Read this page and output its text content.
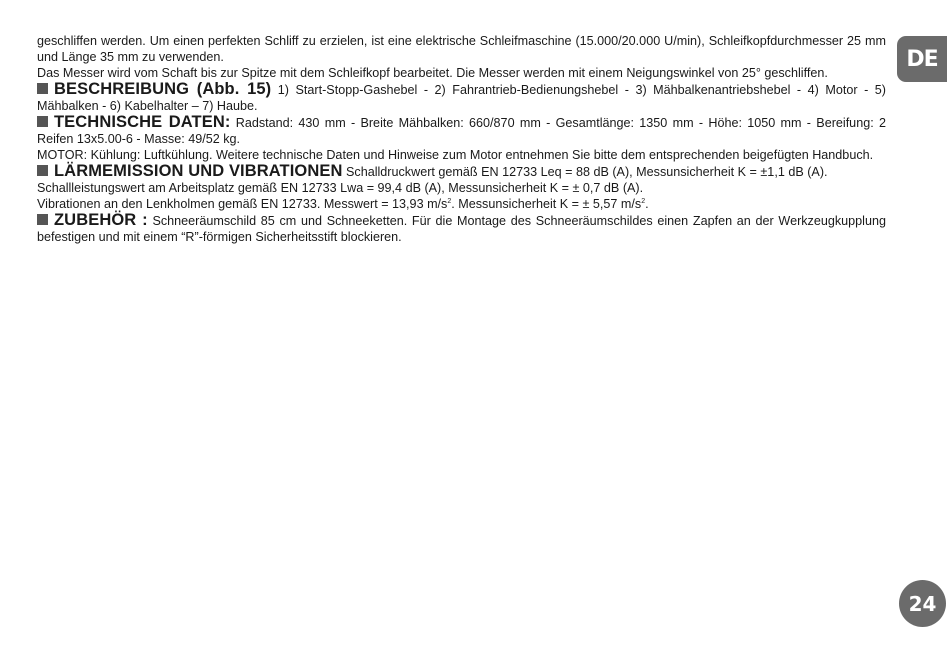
DE

geschliffen werden. Um einen perfekten Schliff zu erzielen, ist eine elektrische Schleifmaschine (15.000/20.000 U/min), Schleifkopfdurchmesser 25 mm und Länge 35 mm zu verwenden.

Das Messer wird vom Schaft bis zur Spitze mit dem Schleifkopf bearbeitet. Die Messer werden mit einem Neigungswinkel von 25° geschliffen.

BESCHREIBUNG (Abb. 15) 1) Start-Stopp-Gashebel - 2) Fahrantrieb-Bedienungshebel - 3) Mähbalkenantriebshebel - 4) Motor - 5) Mähbalken - 6) Kabelhalter – 7) Haube.

TECHNISCHE DATEN: Radstand: 430 mm - Breite Mähbalken: 660/870 mm - Gesamtlänge: 1350 mm - Höhe: 1050 mm - Bereifung: 2 Reifen 13x5.00-6 - Masse: 49/52 kg.

MOTOR: Kühlung: Luftkühlung. Weitere technische Daten und Hinweise zum Motor entnehmen Sie bitte dem entsprechenden beigefügten Handbuch.

LÄRMEMISSION UND VIBRATIONEN Schalldruckwert gemäß EN 12733 Leq = 88 dB (A), Messunsicherheit K = ±1,1 dB (A).

Schallleistungswert am Arbeitsplatz gemäß EN 12733 Lwa = 99,4 dB (A), Messunsicherheit K = ± 0,7 dB (A).

Vibrationen an den Lenkholmen gemäß EN 12733. Messwert = 13,93 $m/s^2$. Messunsicherheit K = ± 5,57 $m/s^2$.

ZUBEHÖR : Schneeräumschild 85 cm und Schneeketten. Für die Montage des Schneeräumschildes einen Zapfen an der Werkzeugkupplung befestigen und mit einem “R”-förmigen Sicherheitsstift blockieren.

24
